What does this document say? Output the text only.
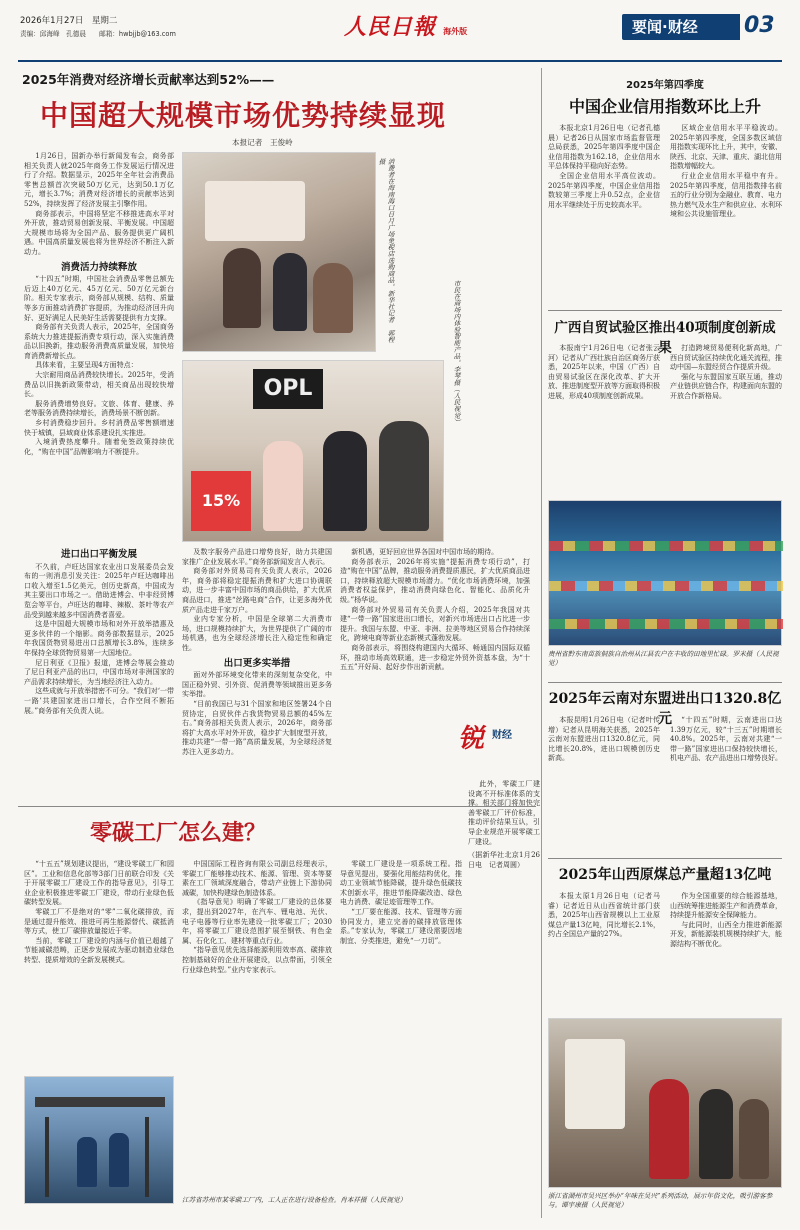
2026年1月27日　星期二
责编：邱海峰　孔德晨　　邮箱：hwbjjb@163.com	人民日報 海外版	要闻·财经	03
2025年消费对经济增长贡献率达到52%——
中国超大规模市场优势持续显现
本报记者　王俊岭

1月26日，国新办举行新闻发布会，商务部相关负责人就2025年商务工作发展运行情况进行了介绍。数据显示，2025年全年社会消费品零售总额首次突破50万亿元，达到50.1万亿元，增长3.7%；消费对经济增长的贡献率达到52%，持续发挥了经济发展主引擎作用。

商务部表示，中国将坚定不移推进高水平对外开放，推动贸易创新发展、平衡发展。中国超大规模市场将为全国产品、服务提供更广阔机遇。中国高质量发展也将为世界经济不断注入新动力。

消费活力持续释放

“十四五”时期，中国社会消费品零售总额先后迈上40万亿元、45万亿元、50万亿元新台阶。相关专家表示，商务部从规模、结构、质量等多方面推动消费扩容提质，为推动经济回升向好、更好满足人民美好生活需要提供有力支撑。

商务部有关负责人表示，2025年，全国商务系统大力推进提振消费专项行动，深入实施消费品以旧换新，推动服务消费高质量发展，加快培育消费新增长点。

具体来看，主要呈现4方面特点：

大宗耐用商品消费较快增长。2025年，受消费品以旧换新政策带动，相关商品出现较快增长。

服务消费增势良好。文旅、体育、健康、养老等服务消费持续增长，消费场景不断创新。

乡村消费稳步回升。乡村消费品零售额增速快于城镇，县域商业体系建设扎实推进。

入境消费热度攀升。随着免签政策持续优化，“购在中国”品牌影响力不断提升。

进口出口平衡发展

不久前，卢旺达国家农业出口发展委员会发布的一则消息引发关注：2025年卢旺达咖啡出口收入增至1.5亿美元，创历史新高，中国成为其主要出口市场之一。借助进博会、中非经贸博览会等平台，卢旺达的咖啡、辣椒、茶叶等农产品受到越来越多中国消费者喜爱。

这是中国超大规模市场和对外开放举措惠及更多伙伴的一个缩影。商务部数据显示，2025年我国货物贸易进出口总额增长3.8%，连续多年保持全球货物贸易第一大国地位。

尼日利亚《卫报》报道，进博会等展会推动了尼日利亚产品的出口，中国市场对非洲国家的产品需求持续增长，为当地经济注入动力。

这些成就与开放举措密不可分。“我们对‘一带一路’共建国家进出口增长，合作空间不断拓展。”商务部有关负责人说。

消费者在海南海口日月广场免税店选购商品。新华社记者　郭程摄
OPL
15%
市民在商场内体验智能产品。李琴摄（人民视觉）

及数字服务产品进口增势良好，助力共建国家推广企业发展水平。”商务部新闻发言人表示。

商务部对外贸易司有关负责人表示，2026年，商务部将稳定提振消费和扩大进口协调联动，进一步丰富中国市场的商品供给，扩大优质商品进口，推进“丝路电商”合作，让更多海外优质产品走进千家万户。

业内专家分析，中国是全球第二大消费市场，进口规模持续扩大，为世界提供了广阔的市场机遇，也为全球经济增长注入稳定性和确定性。

出口更多实举措

面对外部环境变化带来的深刻复杂变化，中国正稳外贸、引外资、促消费等领域推出更多务实举措。

“目前我国已与31个国家和地区签署24个自贸协定，自贸伙伴占我货物贸易总额的45%左右。”商务部相关负责人表示，2026年，商务部将扩大高水平对外开放，稳步扩大制度型开放，推动共建“一带一路”高质量发展，为全球经济复苏注入更多动力。

新机遇，更好回应世界各国对中国市场的期待。

商务部表示，2026年将实施“提振消费专项行动”，打造“购在中国”品牌，推动服务消费提质惠民，扩大优质商品进口，持续释放超大规模市场潜力。“优化市场消费环境，加强消费者权益保护，推动消费向绿色化、智能化、品质化升级。”杨华说。

商务部对外贸易司有关负责人介绍，2025年我国对共建“一带一路”国家进出口增长，对新兴市场进出口占比进一步提升。我国与东盟、中亚、非洲、拉美等地区贸易合作持续深化，跨境电商等新业态新模式蓬勃发展。

商务部表示，将围绕构建国内大循环、畅通国内国际双循环，推动市场高效联通，进一步稳定外贸外资基本盘，为“十五五”开好局、起好步作出新贡献。

锐 财经
零碳工厂怎么建？

“十五五”规划建议提出，“建设零碳工厂和园区”。工业和信息化部等3部门日前联合印发《关于开展零碳工厂建设工作的指导意见》，引导工业企业积极推进零碳工厂建设，带动行业绿色低碳转型发展。

零碳工厂不是绝对的“零”二氧化碳排放，而是通过提升能效、推进可再生能源替代、碳抵消等方式，使工厂碳排放量接近于零。

当前，零碳工厂建设的内涵与价值已超越了节能减碳范畴，正逐步发展成为驱动制造业绿色转型、提质增效的全新发展模式。

中国国际工程咨询有限公司副总经理表示，零碳工厂能够推动技术、能源、管理、资本等要素在工厂领域深度融合，带动产业链上下游协同减碳，加快构建绿色制造体系。

《指导意见》明确了零碳工厂建设的总体要求，提出到2027年，在汽车、锂电池、光伏、电子电器等行业率先建设一批零碳工厂；2030年，将零碳工厂建设范围扩展至钢铁、有色金属、石化化工、建材等重点行业。

“指导意见优先选择能源利用效率高、碳排放控制基础好的企业开展建设，以点带面，引领全行业绿色转型。”业内专家表示。

零碳工厂建设是一项系统工程。指导意见提出，要强化用能结构优化，推动工业领域节能降碳，提升绿色低碳技术创新水平，推进节能降碳改造、绿色电力消费、碳足迹管理等工作。

“工厂要在能源、技术、管理等方面协同发力，建立完善的碳排放管理体系。”专家认为，零碳工厂建设需要因地制宜、分类推进，避免“一刀切”。

此外，零碳工厂建设离不开标准体系的支撑。相关部门将加快完善零碳工厂评价标准，推动评价结果互认，引导企业规范开展零碳工厂建设。

（据新华社北京1月26日电　记者周圆）
江苏省苏州市某零碳工厂内，工人正在进行设备检查。肖本祥摄（人民视觉）
2025年第四季度
中国企业信用指数环比上升

本报北京1月26日电（记者孔德晨）记者26日从国家市场监督管理总局获悉，2025年第四季度中国企业信用指数为162.18，企业信用水平总体保持平稳向好态势。

全国企业信用水平高位波动。2025年第四季度，中国企业信用指数较第三季度上升0.52点，企业信用水平继续处于历史较高水平。

区域企业信用水平平稳波动。2025年第四季度，全国多数区域信用指数实现环比上升，其中，安徽、陕西、北京、天津、重庆、湖北信用指数增幅较大。

行业企业信用水平稳中有升。2025年第四季度，信用指数排名前五的行业分别为金融业、教育、电力热力燃气及水生产和供应业、水利环境和公共设施管理业。

广西自贸试验区推出40项制度创新成果

本报南宁1月26日电（记者张云河）记者从广西壮族自治区商务厅获悉，2025年以来，中国（广西）自由贸易试验区在深化改革、扩大开放、推进制度型开放等方面取得积极进展，形成40项制度创新成果。

打造跨境贸易便利化新高地，广西自贸试验区持续优化通关流程，推动中国—东盟经贸合作提质升级。

强化与东盟国家互联互通，推动产业链供应链合作，构建面向东盟的开放合作新格局。

贵州省黔东南苗族侗族自治州从江县农户在丰收的田地里忙碌。罗米摄（人民视觉）
2025年云南对东盟进出口1320.8亿元

本报昆明1月26日电（记者叶传增）记者从昆明海关获悉，2025年云南对东盟进出口1320.8亿元，同比增长20.8%，进出口规模创历史新高。

“十四五”时期，云南进出口达1.39万亿元，较“十三五”时期增长40.8%。2025年，云南对共建“一带一路”国家进出口保持较快增长，机电产品、农产品进出口增势良好。

2025年山西原煤总产量超13亿吨

本报太原1月26日电（记者马睿）记者近日从山西省统计部门获悉，2025年山西省规模以上工业原煤总产量13亿吨，同比增长2.1%，约占全国总产量的27%。

作为全国重要的综合能源基地，山西统筹推进能源生产和消费革命，持续提升能源安全保障能力。

与此同时，山西全力推进新能源开发，新能源装机规模持续扩大，能源结构不断优化。

浙江省湖州市吴兴区举办“年味在吴兴”系列活动，展示年俗文化，吸引游客参与。谭宇康摄（人民视觉）
